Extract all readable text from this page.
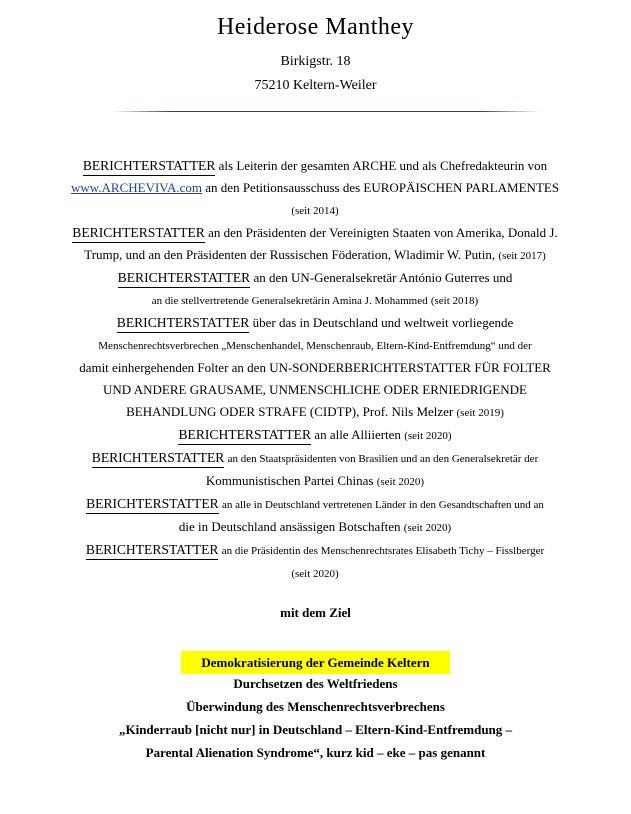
Heiderose Manthey
Birkigstr. 18
75210 Keltern-Weiler

BERICHTERSTATTER als Leiterin der gesamten ARCHE und als Chefredakteurin von
www.ARCHEVIVA.com an den Petitionsausschuss des EUROPÄISCHEN PARLAMENTES
(seit 2014)

BERICHTERSTATTER an den Präsidenten der Vereinigten Staaten von Amerika, Donald J.
Trump, und an den Präsidenten der Russischen Föderation, Wladimir W. Putin, (seit 2017)

BERICHTERSTATTER an den UN-Generalsekretär António Guterres und
an die stellvertretende Generalsekretärin Amina J. Mohammed (seit 2018)

BERICHTERSTATTER über das in Deutschland und weltweit vorliegende
Menschenrechtsverbrechen „Menschenhandel, Menschenraub, Eltern-Kind-Entfremdung“ und der
damit einhergehenden Folter an den UN-SONDERBERICHTERSTATTER FÜR FOLTER
UND ANDERE GRAUSAME, UNMENSCHLICHE ODER ERNIEDRIGENDE
BEHANDLUNG ODER STRAFE (CIDTP), Prof. Nils Melzer (seit 2019)

BERICHTERSTATTER an alle Alliierten (seit 2020)

BERICHTERSTATTER an den Staatspräsidenten von Brasilien und an den Generalsekretär der
Kommunistischen Partei Chinas (seit 2020)

BERICHTERSTATTER an alle in Deutschland vertretenen Länder in den Gesandtschaften und an
die in Deutschland ansässigen Botschaften (seit 2020)

BERICHTERSTATTER an die Präsidentin des Menschenrechtsrates Elisabeth Tichy – Fisslberger
(seit 2020)

mit dem Ziel
Demokratisierung der Gemeinde Keltern
Durchsetzen des Weltfriedens
Überwindung des Menschenrechtsverbrechens
„Kinderraub [nicht nur] in Deutschland – Eltern-Kind-Entfremdung –
Parental Alienation Syndrome“, kurz kid – eke – pas genannt
